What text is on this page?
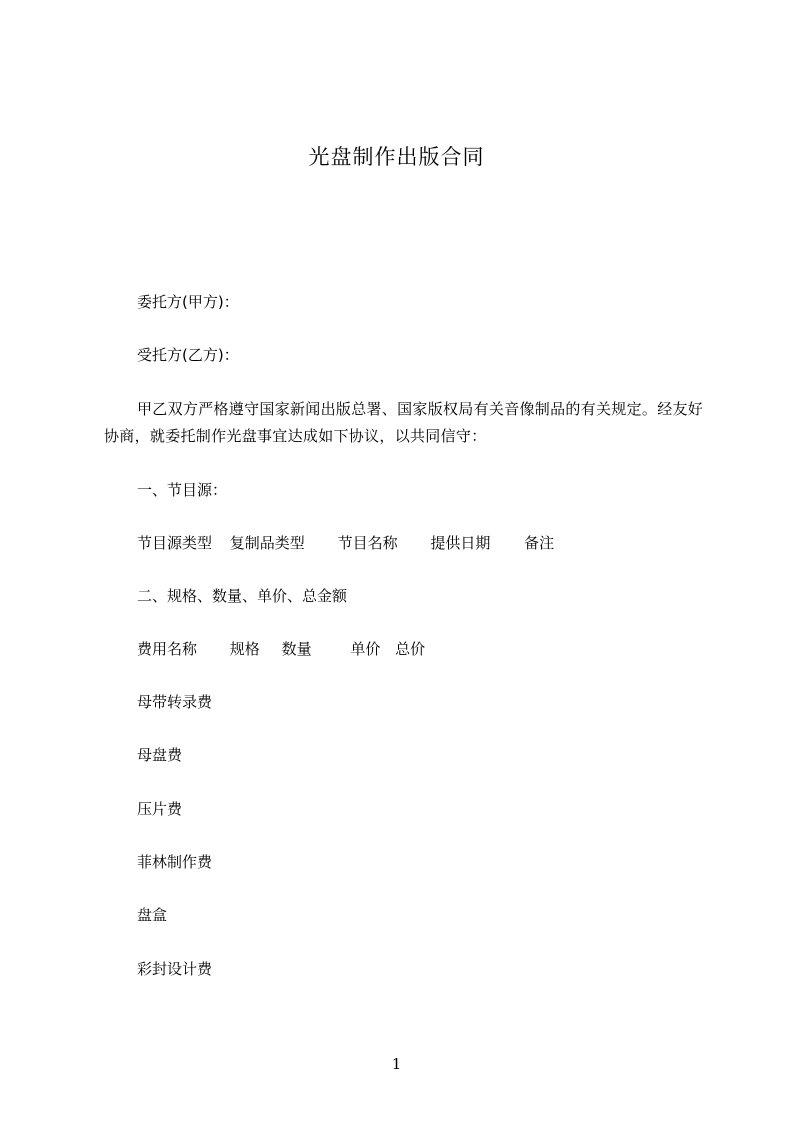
光盘制作出版合同
委托方(甲方)：
受托方(乙方)：
甲乙双方严格遵守国家新闻出版总署、国家版权局有关音像制品的有关规定。经友好协商，就委托制作光盘事宜达成如下协议，以共同信守：
一、节目源：
节目源类型 复制品类型 节目名称 提供日期 备注
二、规格、数量、单价、总金额
费用名称 规格 数量	单价 总价
母带转录费
母盘费
压片费
菲林制作费
盘盒
彩封设计费
1
